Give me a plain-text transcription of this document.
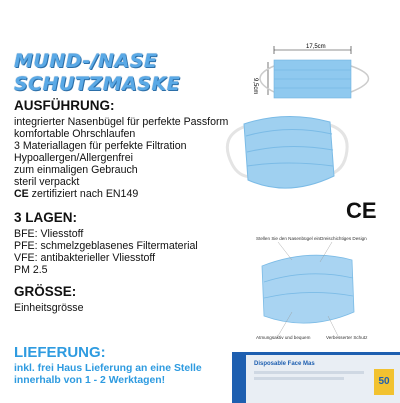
MUND-/NASE
SCHUTZMASKE
17,5cm
9,5cm
AUSFÜHRUNG:
integrierter Nasenbügel für perfekte Passform
komfortable Ohrschlaufen
3 Materiallagen für perfekte Filtration
Hypoallergen/Allergenfrei
zum einmaligen Gebrauch
steril verpackt
CE zertifiziert nach EN149
CE
3 LAGEN:
BFE: Vliesstoff
PFE: schmelzgeblasenes Filtermaterial
VFE: antibakterieller Vliesstoff
PM 2.5
Stellen Sie den Nasenbügel ein Dreischichtiges Design
Atmungsaktiv und bequem	Verbesserter Schutz
GRÖSSE:
Einheitsgrösse
LIEFERUNG:
inkl. frei Haus Lieferung an eine Stelle
innerhalb von 1 - 2 Werktagen!
Disposable Face Mas
50
